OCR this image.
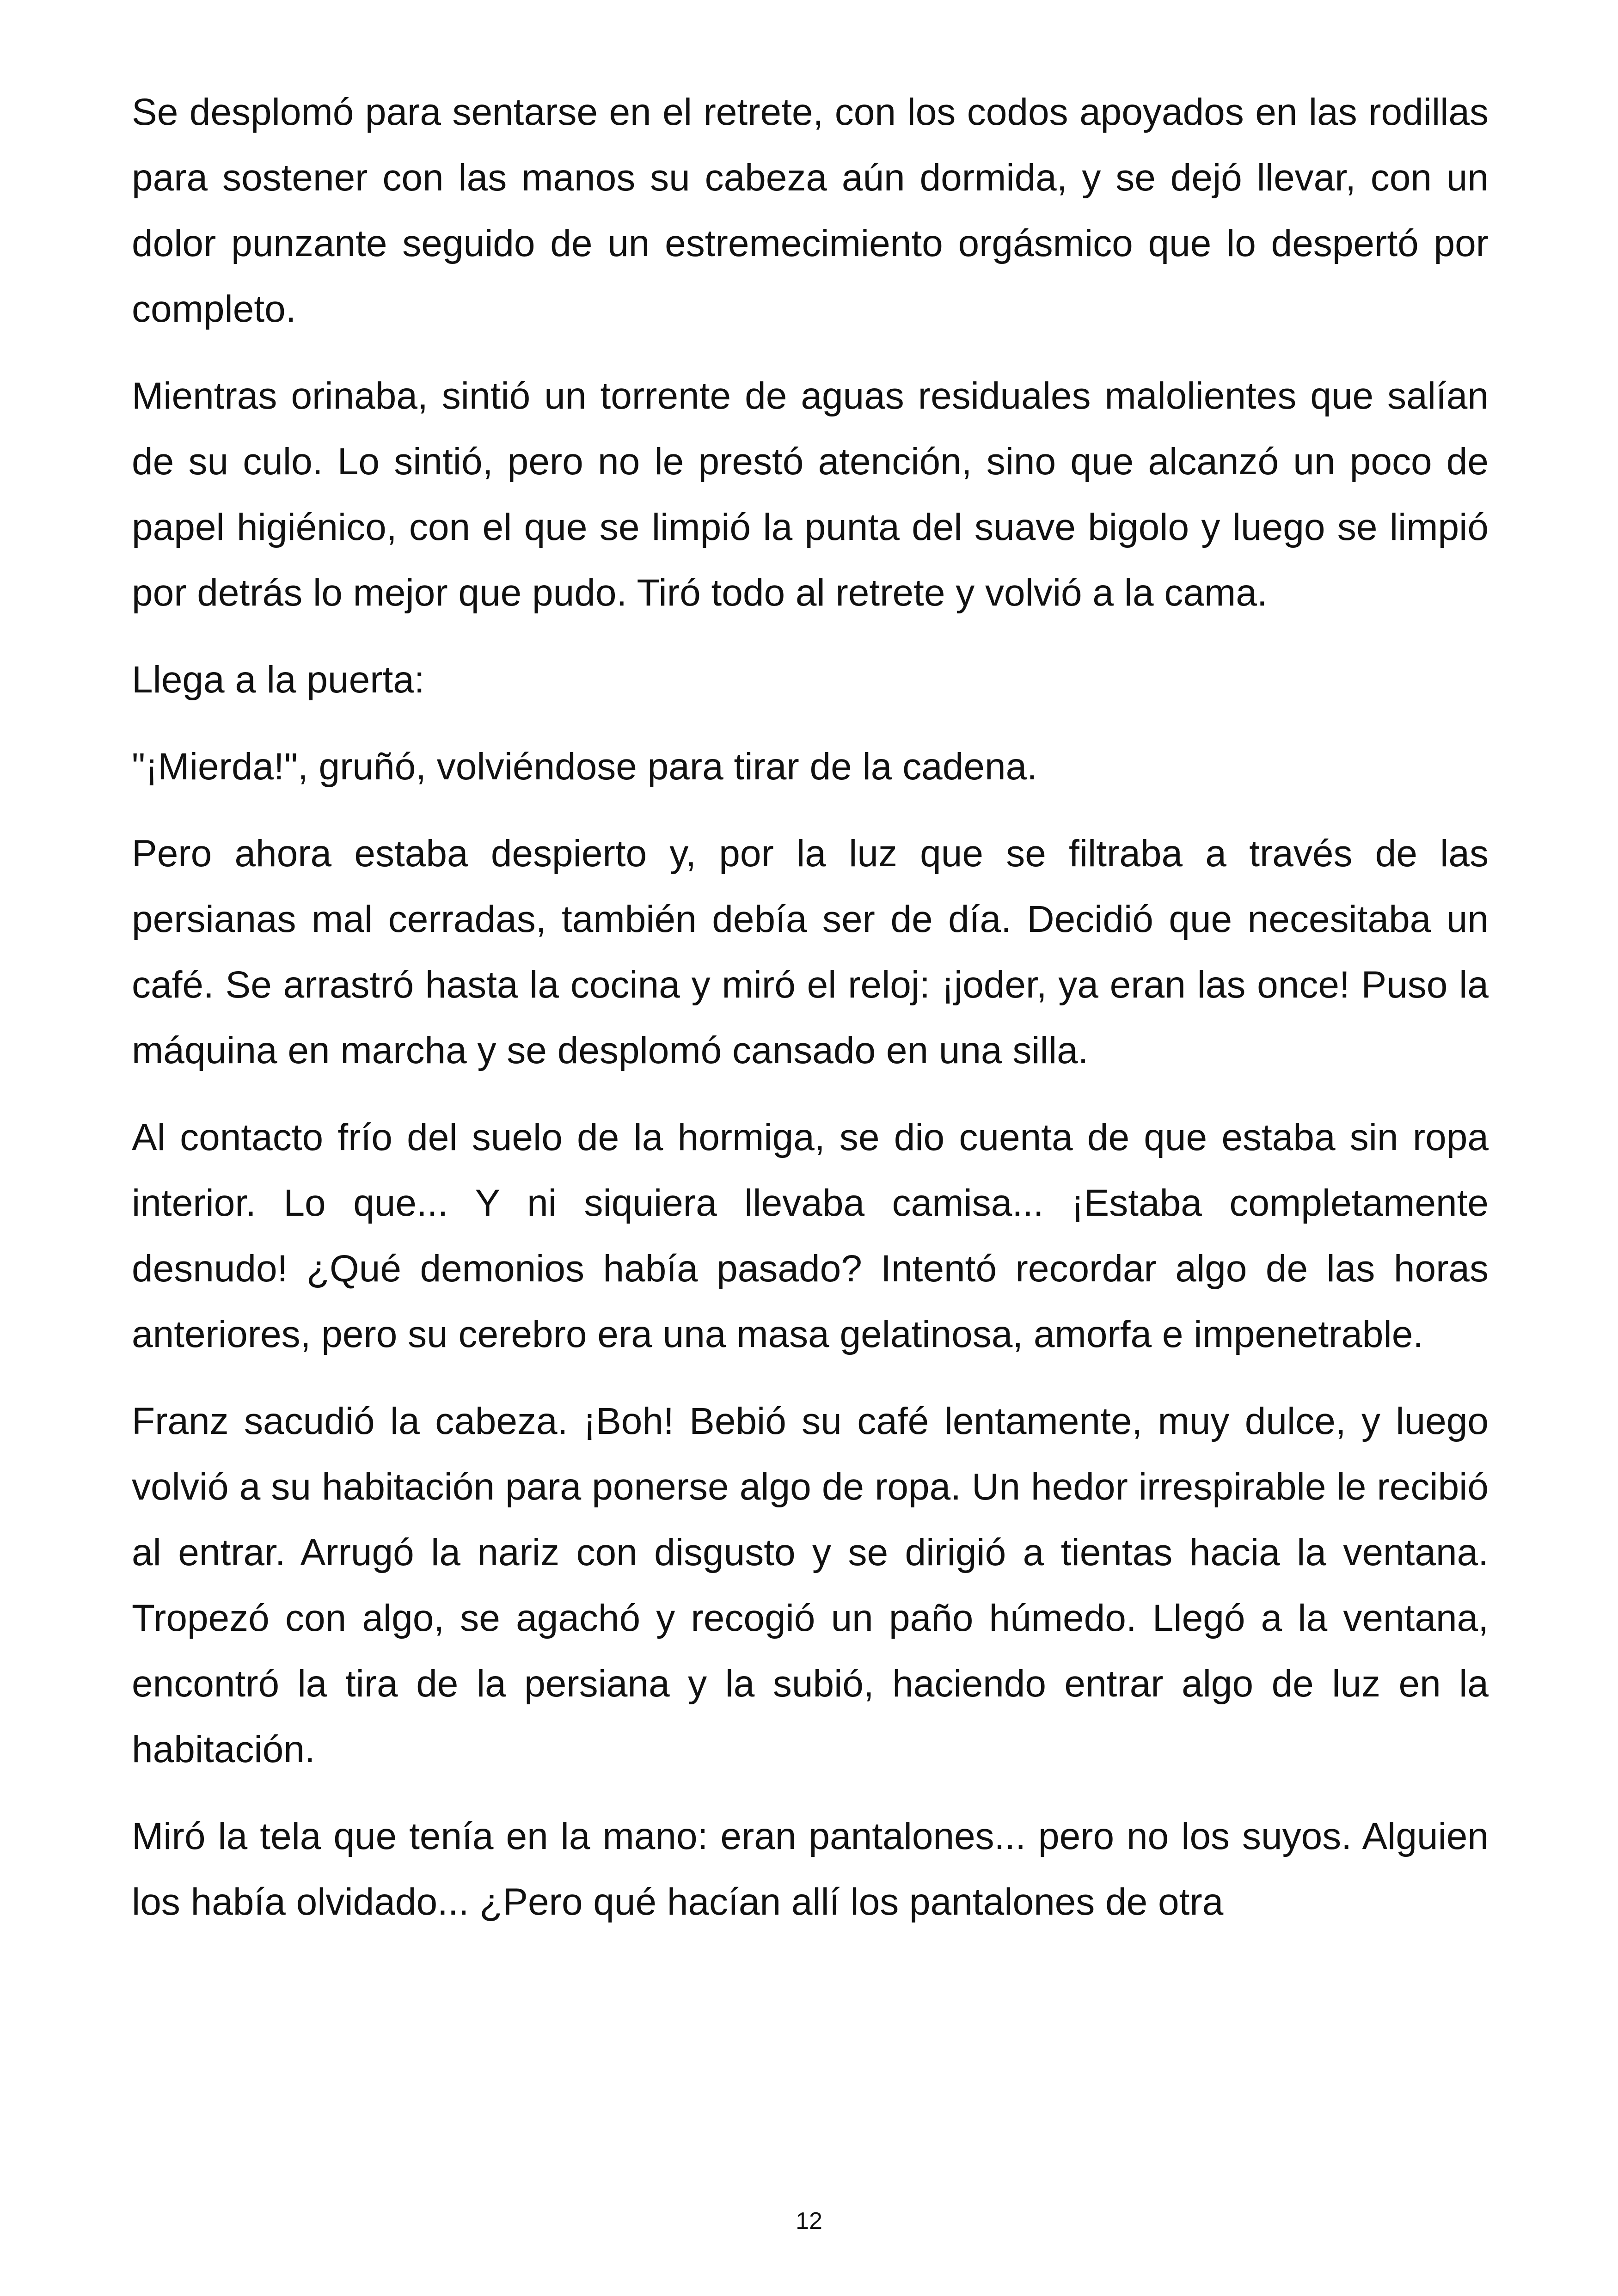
Se desplomó para sentarse en el retrete, con los codos apoyados en las rodillas para sostener con las manos su cabeza aún dormida, y se dejó llevar, con un dolor punzante seguido de un estremecimiento orgásmico que lo despertó por completo.

Mientras orinaba, sintió un torrente de aguas residuales malolientes que salían de su culo. Lo sintió, pero no le prestó atención, sino que alcanzó un poco de papel higiénico, con el que se limpió la punta del suave bigolo y luego se limpió por detrás lo mejor que pudo. Tiró todo al retrete y volvió a la cama.

Llega a la puerta:

"¡Mierda!", gruñó, volviéndose para tirar de la cadena.

Pero ahora estaba despierto y, por la luz que se filtraba a través de las persianas mal cerradas, también debía ser de día. Decidió que necesitaba un café. Se arrastró hasta la cocina y miró el reloj: ¡joder, ya eran las once! Puso la máquina en marcha y se desplomó cansado en una silla.

Al contacto frío del suelo de la hormiga, se dio cuenta de que estaba sin ropa interior. Lo que... Y ni siquiera llevaba camisa... ¡Estaba completamente desnudo! ¿Qué demonios había pasado? Intentó recordar algo de las horas anteriores, pero su cerebro era una masa gelatinosa, amorfa e impenetrable.

Franz sacudió la cabeza. ¡Boh! Bebió su café lentamente, muy dulce, y luego volvió a su habitación para ponerse algo de ropa. Un hedor irrespirable le recibió al entrar. Arrugó la nariz con disgusto y se dirigió a tientas hacia la ventana. Tropezó con algo, se agachó y recogió un paño húmedo. Llegó a la ventana, encontró la tira de la persiana y la subió, haciendo entrar algo de luz en la habitación.

Miró la tela que tenía en la mano: eran pantalones... pero no los suyos. Alguien los había olvidado... ¿Pero qué hacían allí los pantalones de otra

12
